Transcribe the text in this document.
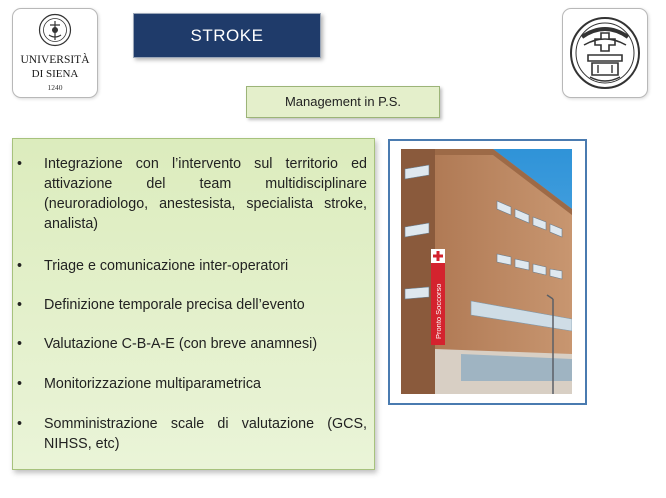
UNIVERSITÀ
DI SIENA
1240
STROKE
Management in P.S.
• Integrazione con l’intervento sul territorio ed attivazione del team multidisciplinare (neuroradiologo, anestesista, specialista stroke, analista)
• Triage e comunicazione inter-operatori
• Definizione temporale precisa dell’evento
• Valutazione C-B-A-E (con breve anamnesi)
• Monitorizzazione multiparametrica
• Somministrazione scale di valutazione (GCS, NIHSS, etc)
Pronto Soccorso
